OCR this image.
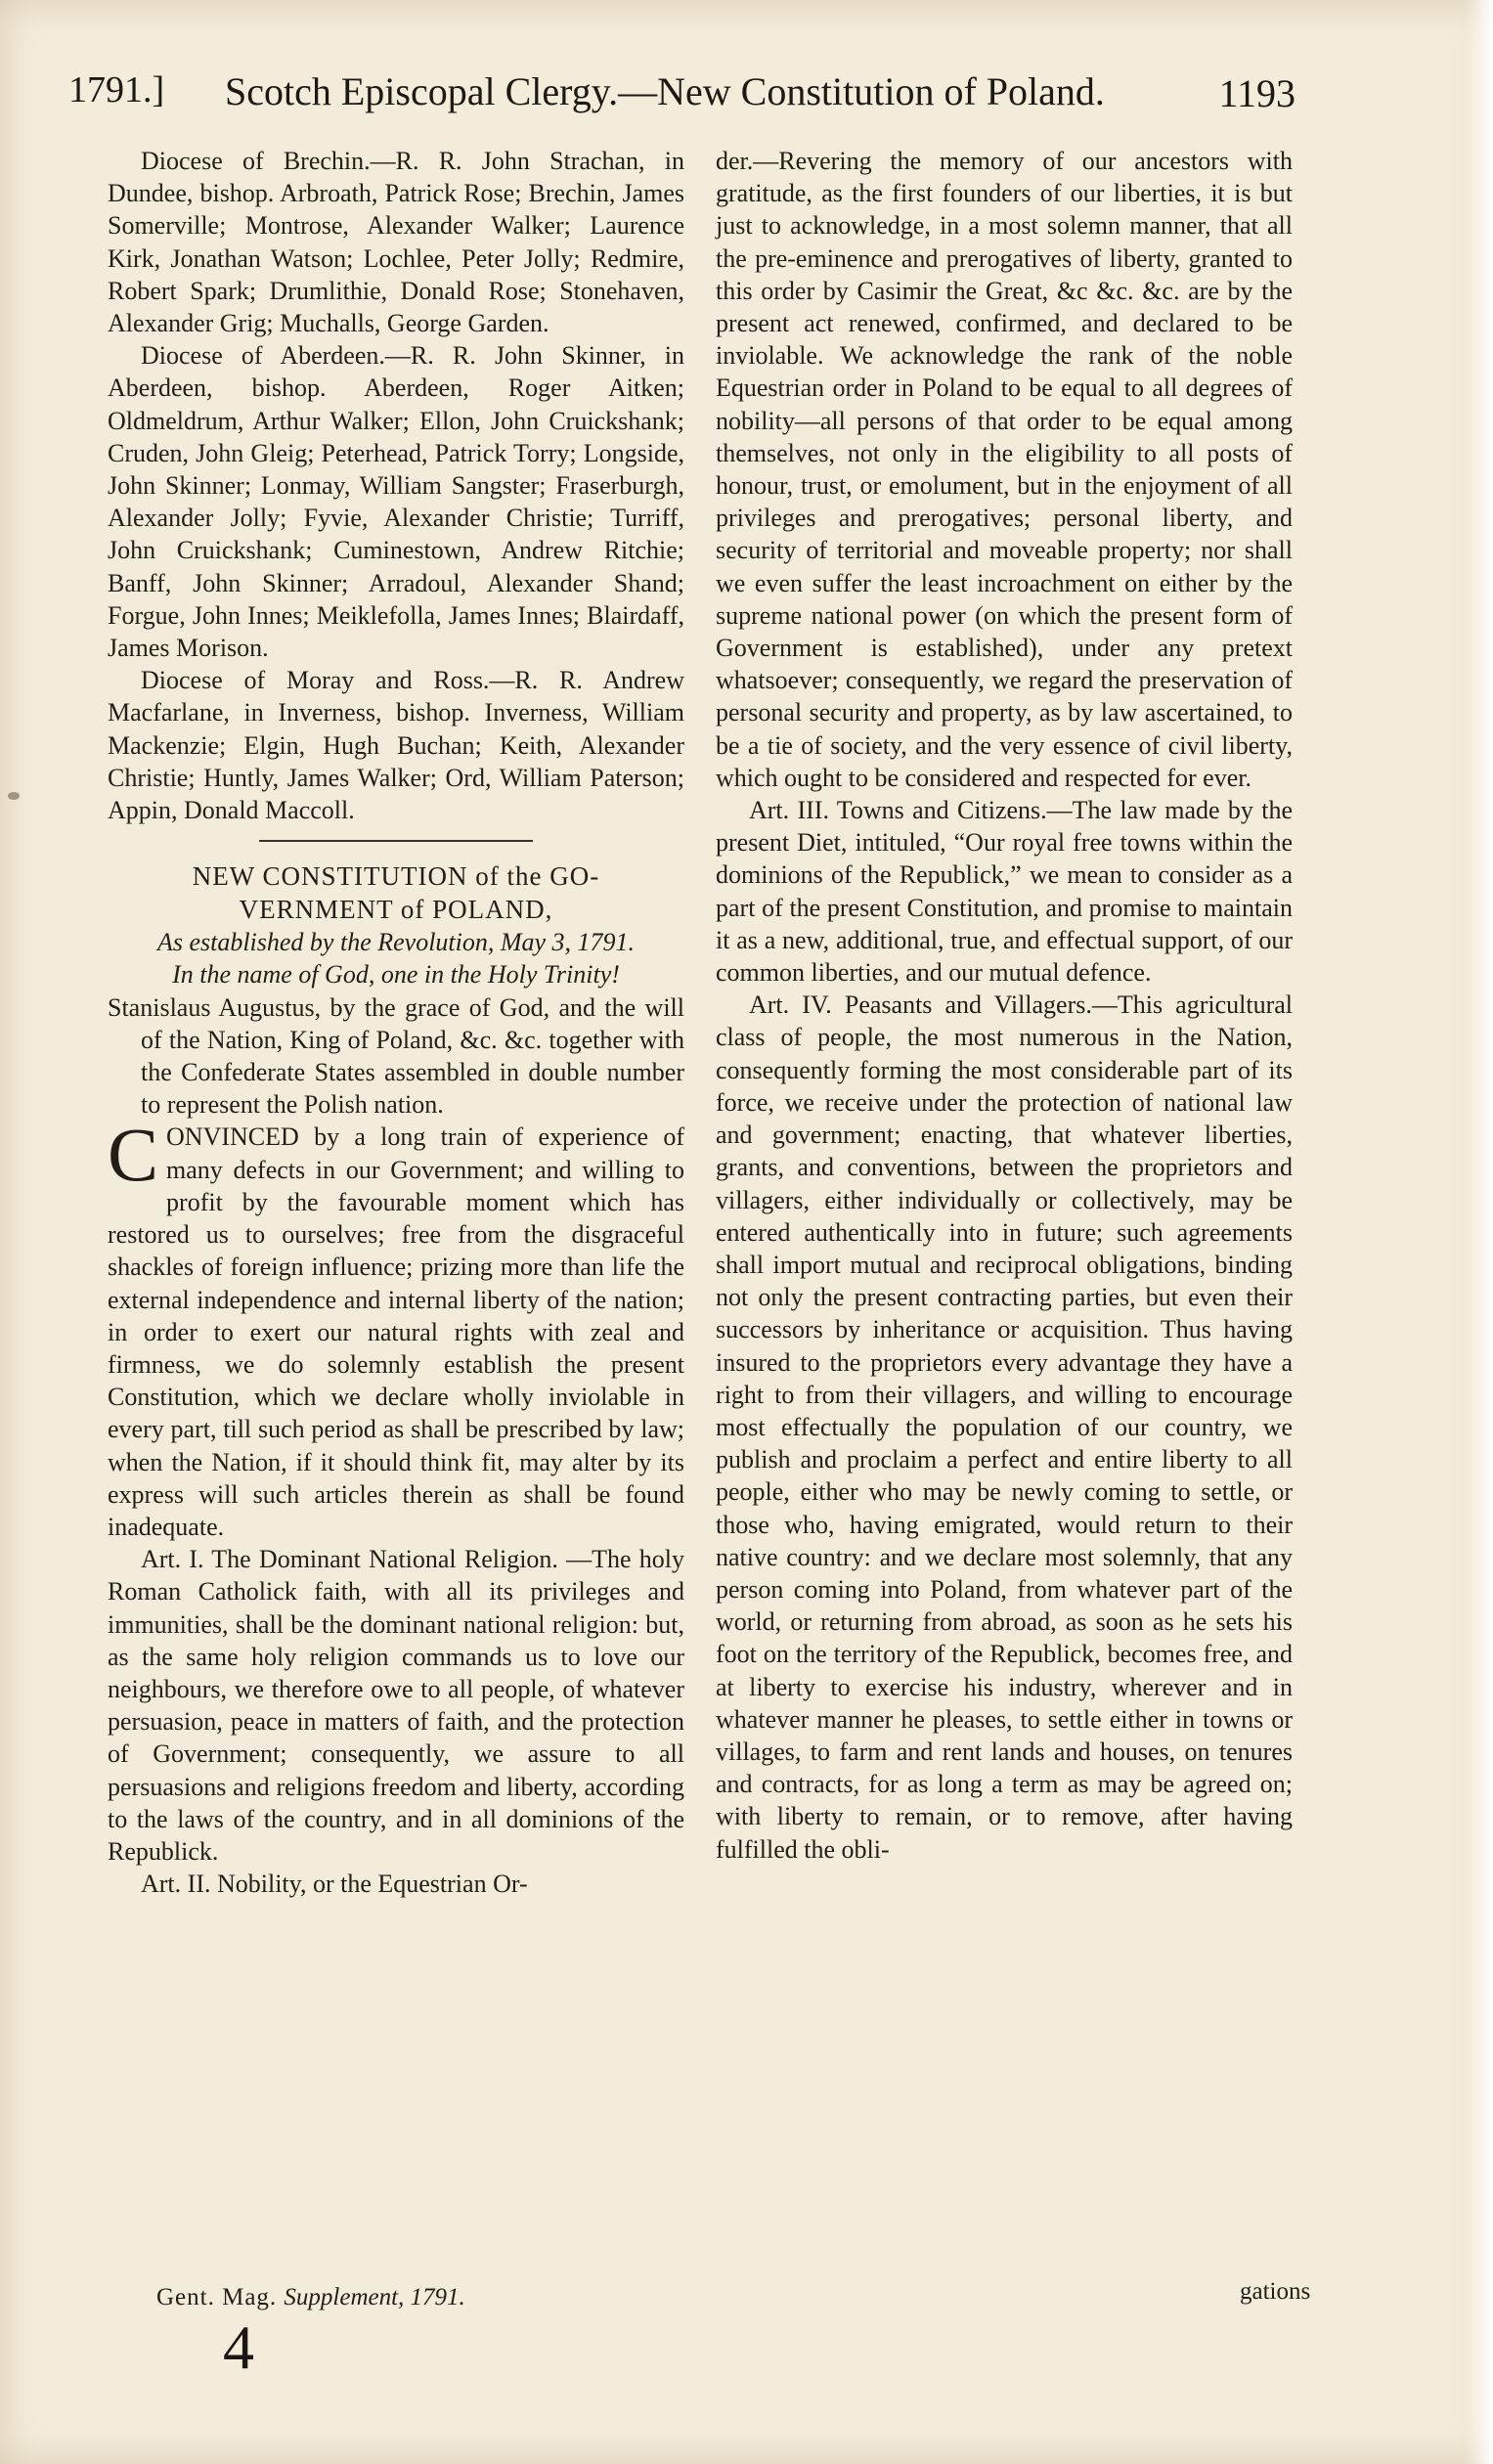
1791.] Scotch Episcopal Clergy.—New Constitution of Poland.	1193

Diocese of Brechin.—R. R. John Strachan, in Dundee, bishop. Arbroath, Patrick Rose; Brechin, James Somerville; Montrose, Alexander Walker; Laurence Kirk, Jonathan Watson; Lochlee, Peter Jolly; Redmire, Robert Spark; Drumlithie, Donald Rose; Stonehaven, Alexander Grig; Muchalls, George Garden.

Diocese of Aberdeen.—R. R. John Skinner, in Aberdeen, bishop. Aberdeen, Roger Aitken; Oldmeldrum, Arthur Walker; Ellon, John Cruickshank; Cruden, John Gleig; Peterhead, Patrick Torry; Longside, John Skinner; Lonmay, William Sangster; Fraserburgh, Alexander Jolly; Fyvie, Alexander Christie; Turriff, John Cruickshank; Cuminestown, Andrew Ritchie; Banff, John Skinner; Arradoul, Alexander Shand; Forgue, John Innes; Meiklefolla, James Innes; Blairdaff, James Morison.

Diocese of Moray and Ross.—R. R. Andrew Macfarlane, in Inverness, bishop. Inverness, William Mackenzie; Elgin, Hugh Buchan; Keith, Alexander Christie; Huntly, James Walker; Ord, William Paterson; Appin, Donald Maccoll.

NEW CONSTITUTION of the GO-

VERNMENT of POLAND,

As established by the Revolution, May 3, 1791.

In the name of God, one in the Holy Trinity!

Stanislaus Augustus, by the grace of God, and the will of the Nation, King of Poland, &c. &c. together with the Confederate States assembled in double number to represent the Polish nation.

CONVINCED by a long train of experience of many defects in our Government; and willing to profit by the favourable moment which has restored us to ourselves; free from the disgraceful shackles of foreign influence; prizing more than life the external independence and internal liberty of the nation; in order to exert our natural rights with zeal and firmness, we do solemnly establish the present Constitution, which we declare wholly inviolable in every part, till such period as shall be prescribed by law; when the Nation, if it should think fit, may alter by its express will such articles therein as shall be found inadequate.

Art. I. The Dominant National Religion. —The holy Roman Catholick faith, with all its privileges and immunities, shall be the dominant national religion: but, as the same holy religion commands us to love our neighbours, we therefore owe to all people, of whatever persuasion, peace in matters of faith, and the protection of Government; consequently, we assure to all persuasions and religions freedom and liberty, according to the laws of the country, and in all dominions of the Republick.

Art. II. Nobility, or the Equestrian Or-

der.—Revering the memory of our ancestors with gratitude, as the first founders of our liberties, it is but just to acknowledge, in a most solemn manner, that all the pre-eminence and prerogatives of liberty, granted to this order by Casimir the Great, &c &c. &c. are by the present act renewed, confirmed, and declared to be inviolable. We acknowledge the rank of the noble Equestrian order in Poland to be equal to all degrees of nobility—all persons of that order to be equal among themselves, not only in the eligibility to all posts of honour, trust, or emolument, but in the enjoyment of all privileges and prerogatives; personal liberty, and security of territorial and moveable property; nor shall we even suffer the least incroachment on either by the supreme national power (on which the present form of Government is established), under any pretext whatsoever; consequently, we regard the preservation of personal security and property, as by law ascertained, to be a tie of society, and the very essence of civil liberty, which ought to be considered and respected for ever.

Art. III. Towns and Citizens.—The law made by the present Diet, intituled, “Our royal free towns within the dominions of the Republick,” we mean to consider as a part of the present Constitution, and promise to maintain it as a new, additional, true, and effectual support, of our common liberties, and our mutual defence.

Art. IV. Peasants and Villagers.—This agricultural class of people, the most numerous in the Nation, consequently forming the most considerable part of its force, we receive under the protection of national law and government; enacting, that whatever liberties, grants, and conventions, between the proprietors and villagers, either individually or collectively, may be entered authentically into in future; such agreements shall import mutual and reciprocal obligations, binding not only the present contracting parties, but even their successors by inheritance or acquisition. Thus having insured to the proprietors every advantage they have a right to from their villagers, and willing to encourage most effectually the population of our country, we publish and proclaim a perfect and entire liberty to all people, either who may be newly coming to settle, or those who, having emigrated, would return to their native country: and we declare most solemnly, that any person coming into Poland, from whatever part of the world, or returning from abroad, as soon as he sets his foot on the territory of the Republick, becomes free, and at liberty to exercise his industry, wherever and in whatever manner he pleases, to settle either in towns or villages, to farm and rent lands and houses, on tenures and contracts, for as long a term as may be agreed on; with liberty to remain, or to remove, after having fulfilled the obli-

Gent. Mag. Supplement, 1791.
4
gations
